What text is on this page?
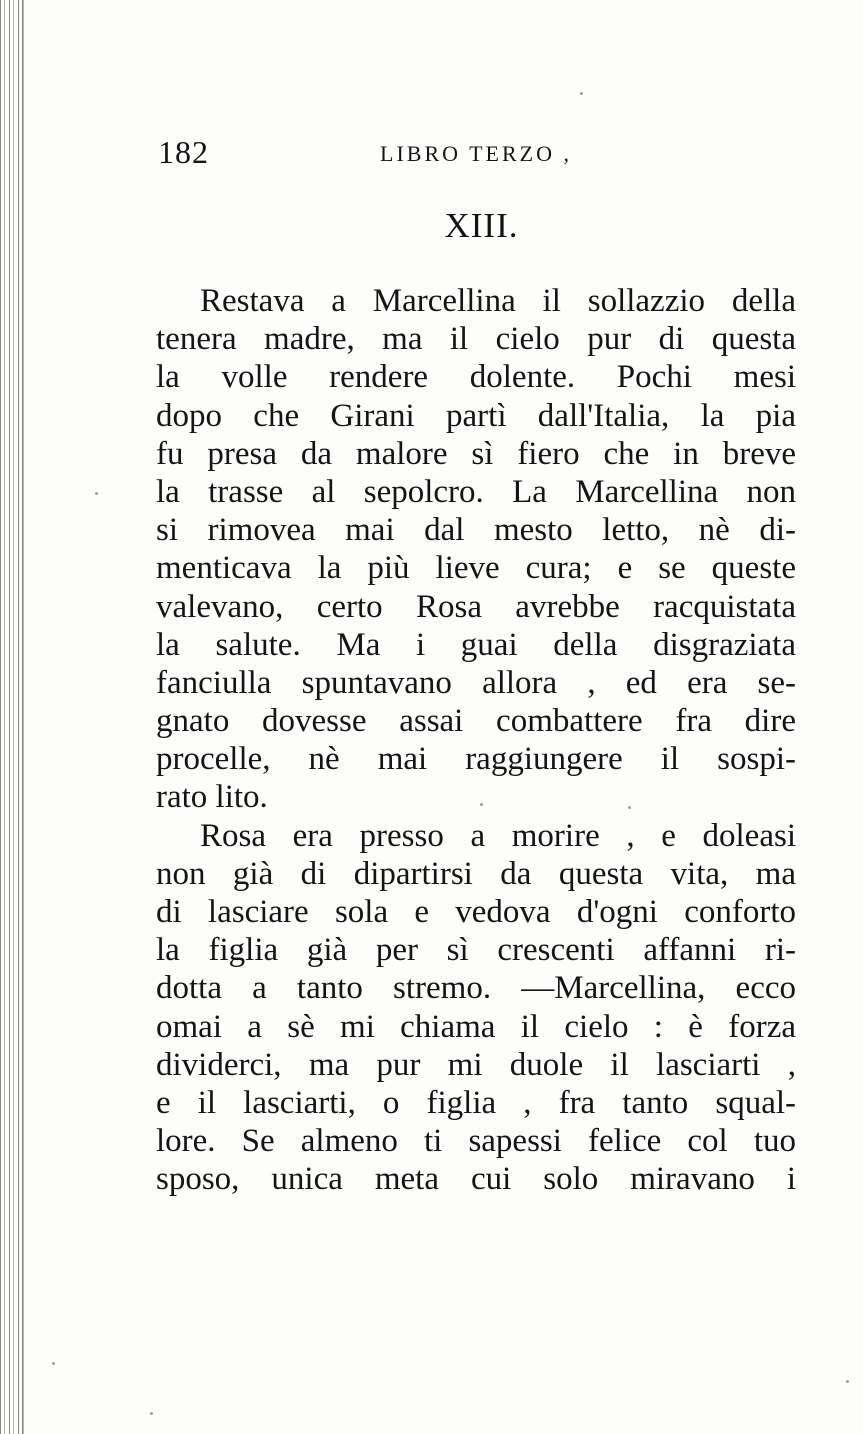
182	LIBRO TERZO ,
XIII.
Restava a Marcellina il sollazzio della
tenera madre, ma il cielo pur di questa
la volle rendere dolente. Pochi mesi
dopo che Girani partì dall'Italia, la pia
fu presa da malore sì fiero che in breve
la trasse al sepolcro. La Marcellina non
si rimovea mai dal mesto letto, nè di-
menticava la più lieve cura; e se queste
valevano, certo Rosa avrebbe racquistata
la salute. Ma i guai della disgraziata
fanciulla spuntavano allora , ed era se-
gnato dovesse assai combattere fra dire
procelle, nè mai raggiungere il sospi-
rato lito.
Rosa era presso a morire , e doleasi
non già di dipartirsi da questa vita, ma
di lasciare sola e vedova d'ogni conforto
la figlia già per sì crescenti affanni ri-
dotta a tanto stremo. —Marcellina, ecco
omai a sè mi chiama il cielo : è forza
dividerci, ma pur mi duole il lasciarti ,
e il lasciarti, o figlia , fra tanto squal-
lore. Se almeno ti sapessi felice col tuo
sposo, unica meta cui solo miravano i
